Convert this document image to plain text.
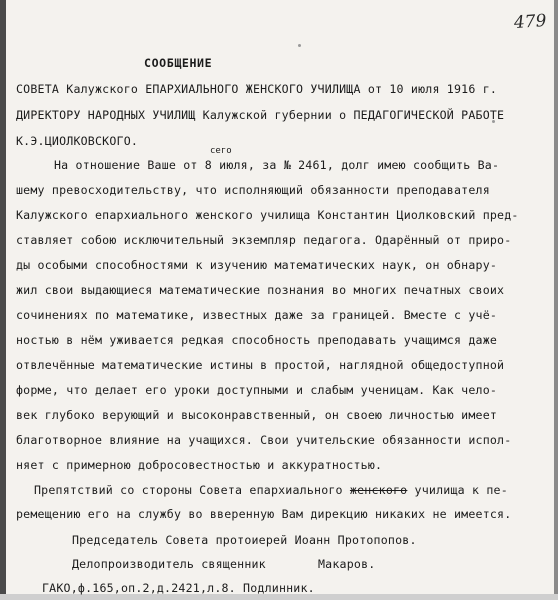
479
СООБЩЕНИЕ
СОВЕТА Калужского ЕПАРХИАЛЬНОГО ЖЕНСКОГО УЧИЛИЩА от 10 июля 1916 г.
ДИРЕКТОРУ НАРОДНЫХ УЧИЛИЩ Калужской губернии о ПЕДАГОГИЧЕСКОЙ РАБОТЕ
К.Э.ЦИОЛКОВСКОГО.
сего
На отношение Ваше от 8 июля, за № 2461, долг имею сообщить Ва-
шему превосходительству, что исполняющий обязанности преподавателя
Калужского епархиального женского училища Константин Циолковский пред-
ставляет собою исключительный экземпляр педагога. Одарённый от приро-
ды особыми способностями к изучению математических наук, он обнару-
жил свои выдающиеся математические познания во многих печатных своих
сочинениях по математике, известных даже за границей. Вместе с учё-
ностью в нём уживается редкая способность преподавать учащимся даже
отвлечённые математические истины в простой, наглядной общедоступной
форме, что делает его уроки доступными и слабым ученицам. Как чело-
век глубоко верующий и высоконравственный, он своею личностью имеет
благотворное влияние на учащихся. Свои учительские обязанности испол-
няет с примерною добросовестностью и аккуратностью.
Препятствий со стороны Совета епархиального женского училища к пе-
ремещению его на службу во вверенную Вам дирекцию никаких не имеется.
Председатель Совета протоиерей Иоанн Протопопов.
Делопроизводитель священник	Макаров.
ГАКО,ф.165,оп.2,д.2421,л.8. Подлинник.
